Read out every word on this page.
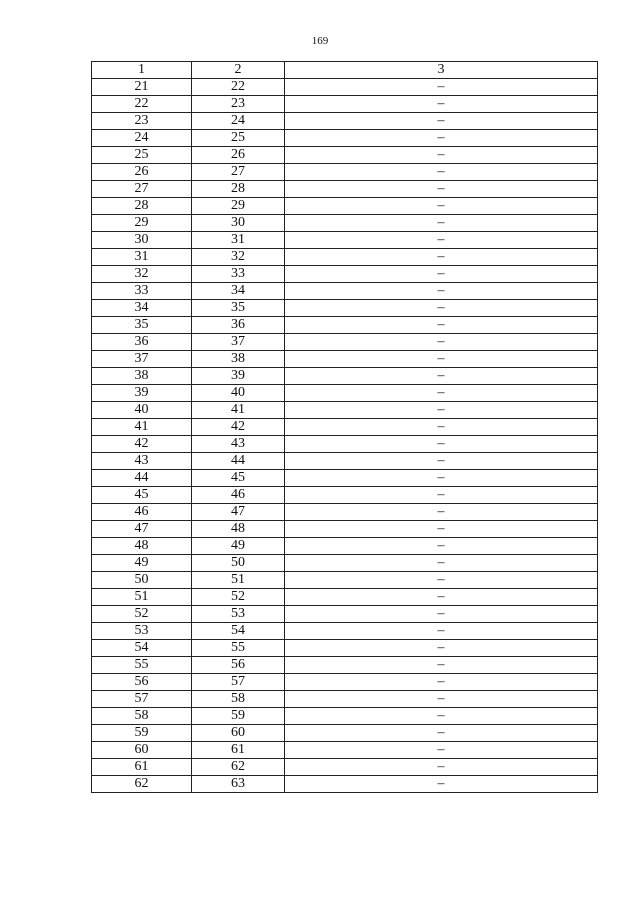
169
1	2	3
21	22	–
22	23	–
23	24	–
24	25	–
25	26	–
26	27	–
27	28	–
28	29	–
29	30	–
30	31	–
31	32	–
32	33	–
33	34	–
34	35	–
35	36	–
36	37	–
37	38	–
38	39	–
39	40	–
40	41	–
41	42	–
42	43	–
43	44	–
44	45	–
45	46	–
46	47	–
47	48	–
48	49	–
49	50	–
50	51	–
51	52	–
52	53	–
53	54	–
54	55	–
55	56	–
56	57	–
57	58	–
58	59	–
59	60	–
60	61	–
61	62	–
62	63	–
